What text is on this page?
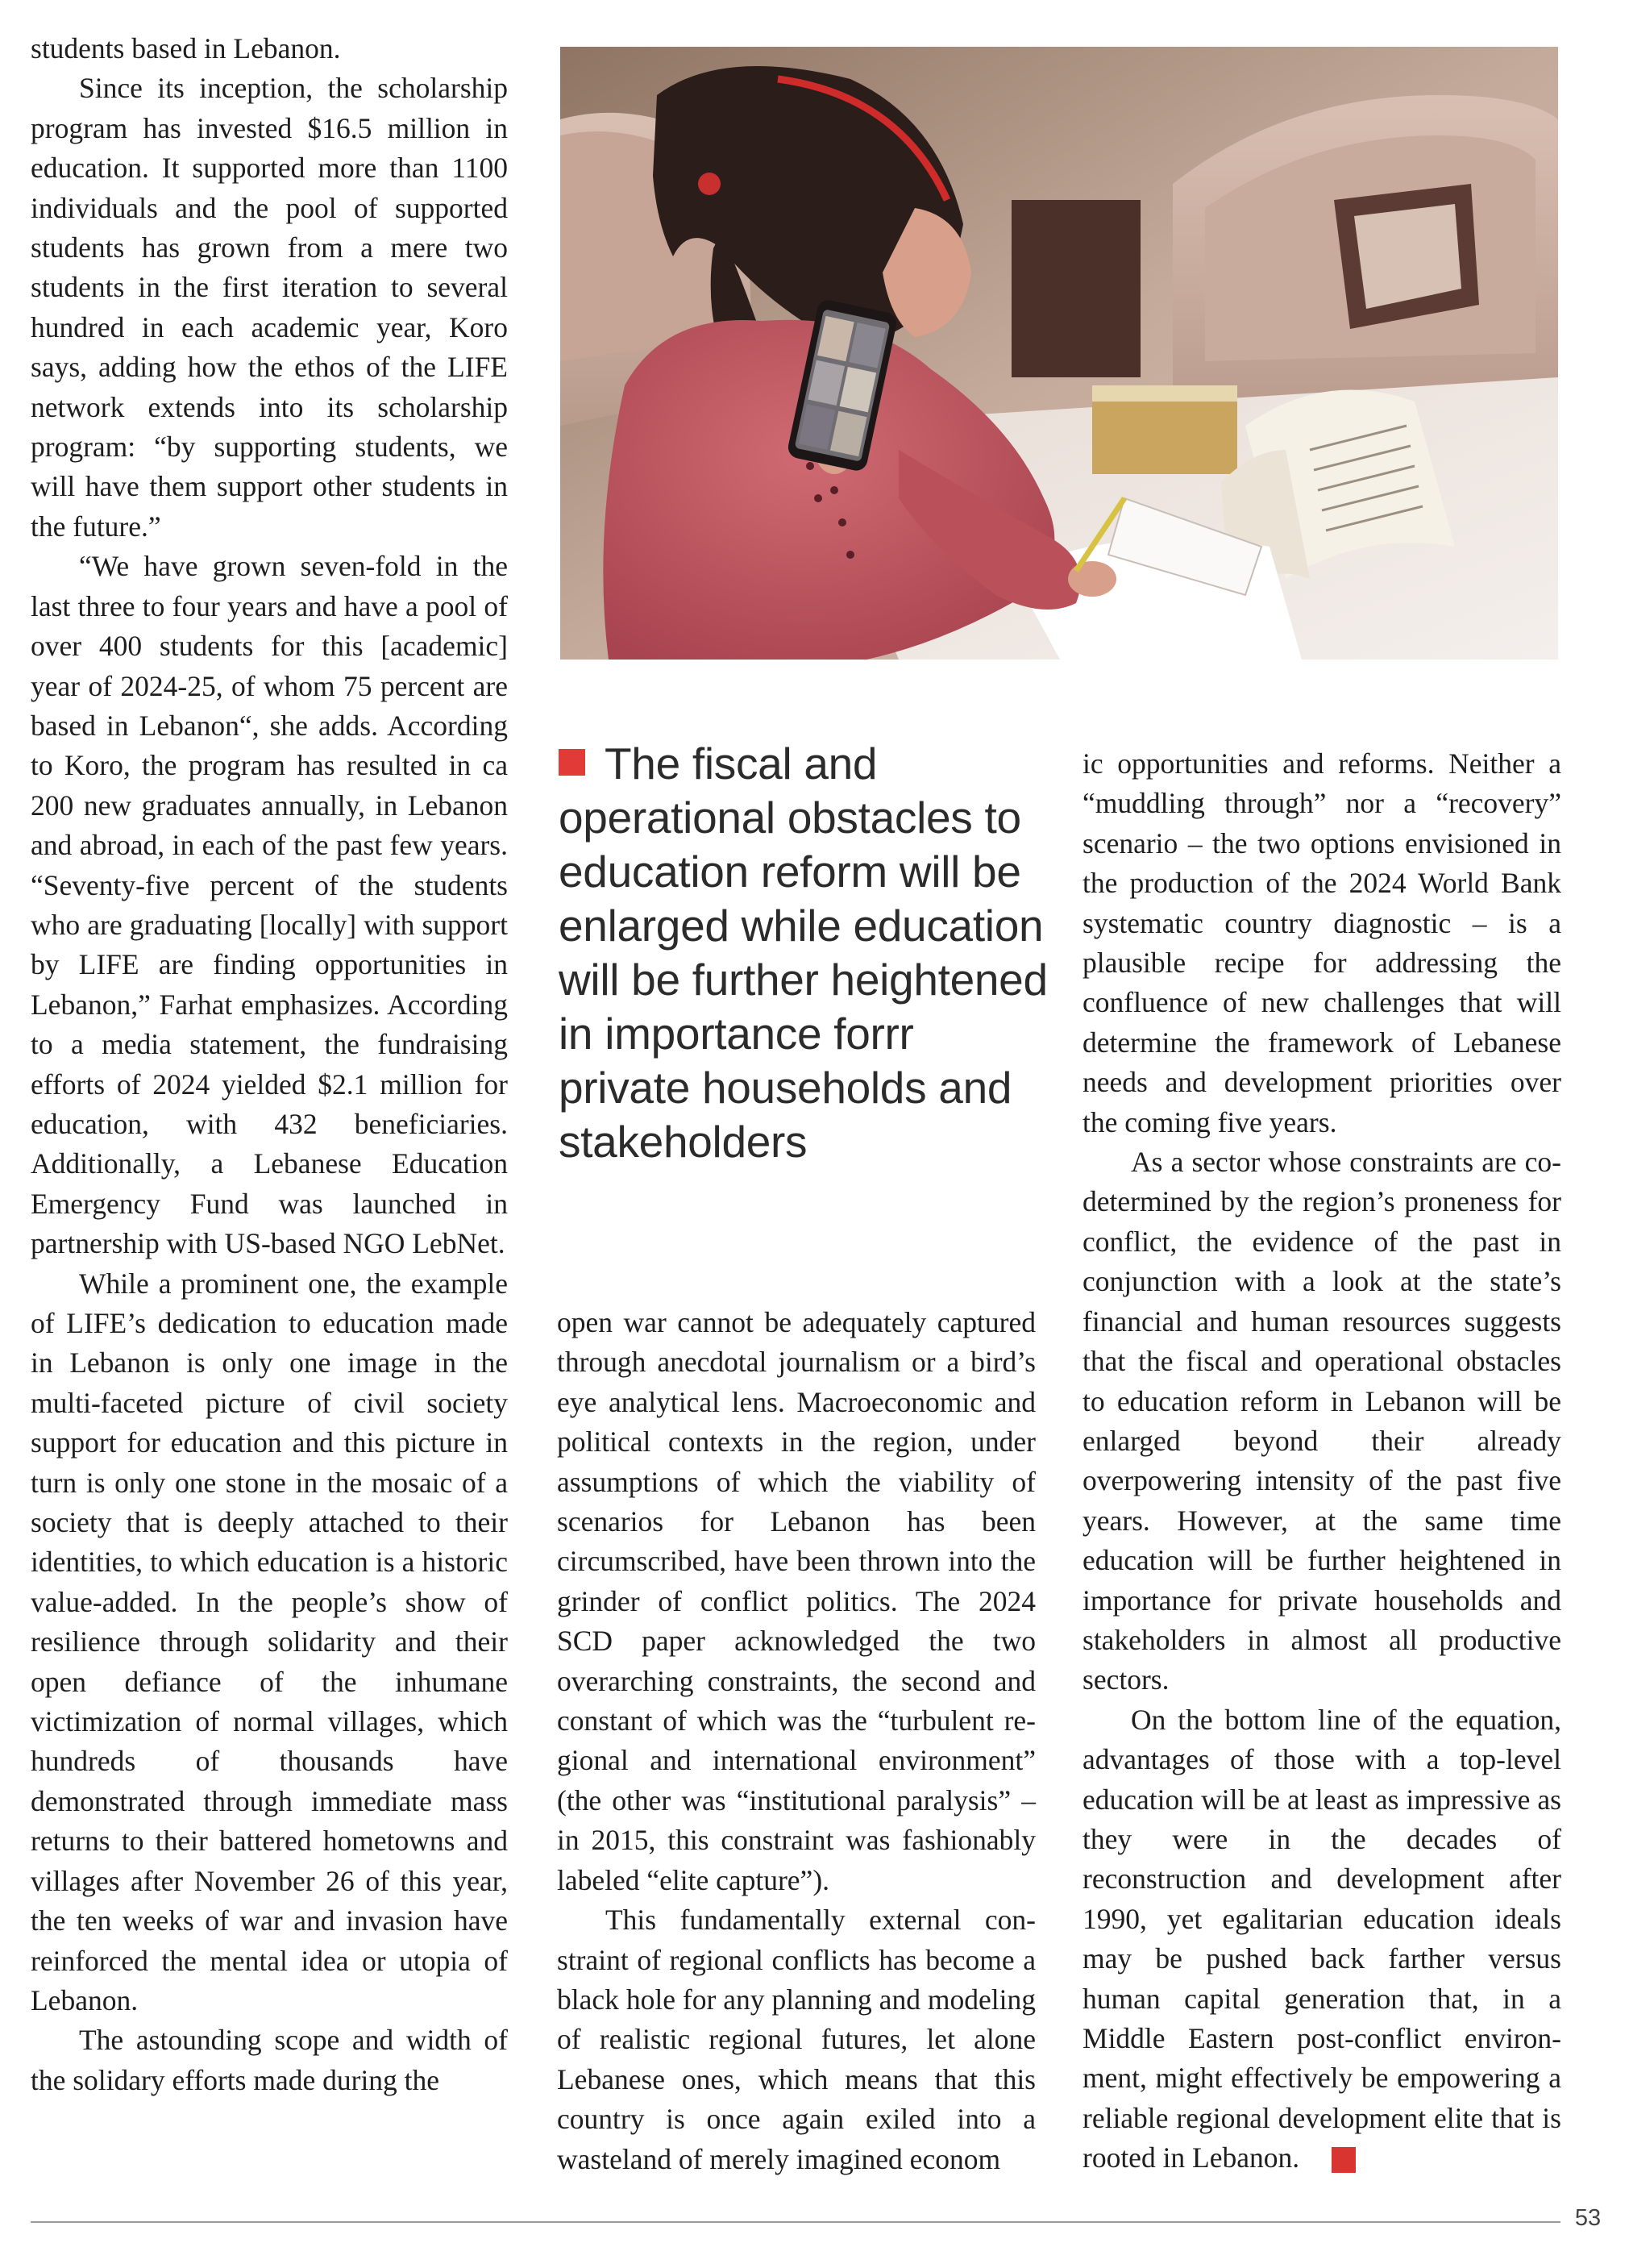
students based in Lebanon.

Since its inception, the scholarship program has invested $16.5 million in education. It supported more than 1100 individuals and the pool of supported students has grown from a mere two students in the first iteration to several hundred in each academic year, Koro says, adding how the ethos of the LIFE network extends into its scholarship program: “by supporting students, we will have them support other students in the future.”

“We have grown seven-fold in the last three to four years and have a pool of over 400 students for this [academic] year of 2024-25, of whom 75 percent are based in Lebanon“, she adds. According to Koro, the program has resulted in ca 200 new graduates annually, in Lebanon and abroad, in each of the past few years. “Seventy-five percent of the students who are graduating [locally] with support by LIFE are finding opportunities in Lebanon,” Farhat emphasizes. According to a media statement, the fundraising efforts of 2024 yielded $2.1 million for education, with 432 beneficiaries. Additionally, a Lebanese Education Emergency Fund was launched in partnership with US-based NGO LebNet.

While a prominent one, the example of LIFE’s dedication to education made in Lebanon is only one image in the multi-faceted picture of civil society support for education and this picture in turn is only one stone in the mosaic of a society that is deeply attached to their identities, to which education is a historic value-added. In the people’s show of resilience through solidarity and their open defiance of the inhumane victimization of normal villages, which hundreds of thousands have demonstrated through immediate mass returns to their battered hometowns and villages after November 26 of this year, the ten weeks of war and invasion have reinforced the mental idea or utopia of Lebanon.

The astounding scope and width of the solidary efforts made during the

The fiscal and operational obstacles to education reform will be enlarged while education will be further heightened in importance forrr private households and stakeholders

open war cannot be adequately captured through anecdotal journalism or a bird’s eye analytical lens. Macroeconomic and political contexts in the region, under assumptions of which the viability of scenarios for Lebanon has been circumscribed, have been thrown into the grinder of conflict politics. The 2024 SCD paper acknowledged the two overarching constraints, the second and constant of which was the “turbulent regional and international environment” (the other was “institutional paralysis” – in 2015, this constraint was fashionably labeled “elite capture”).

This fundamentally external constraint of regional conflicts has become a black hole for any planning and modeling of realistic regional futures, let alone Lebanese ones, which means that this country is once again exiled into a wasteland of merely imagined econom

ic opportunities and reforms. Neither a “muddling through” nor a “recovery” scenario – the two options envisioned in the production of the 2024 World Bank systematic country diagnostic – is a plausible recipe for addressing the confluence of new challenges that will determine the framework of Lebanese needs and development priorities over the coming five years.

As a sector whose constraints are co-determined by the region’s proneness for conflict, the evidence of the past in conjunction with a look at the state’s financial and human resources suggests that the fiscal and operational obstacles to education reform in Lebanon will be enlarged beyond their already overpowering intensity of the past five years. However, at the same time education will be further heightened in importance for private households and stakeholders in almost all productive sectors.

On the bottom line of the equation, advantages of those with a top-level education will be at least as impressive as they were in the decades of reconstruction and development after 1990, yet egalitarian education ideals may be pushed back farther versus human capital generation that, in a Middle Eastern post-conflict environment, might effectively be empowering a reliable regional development elite that is rooted in Lebanon.	E

53
